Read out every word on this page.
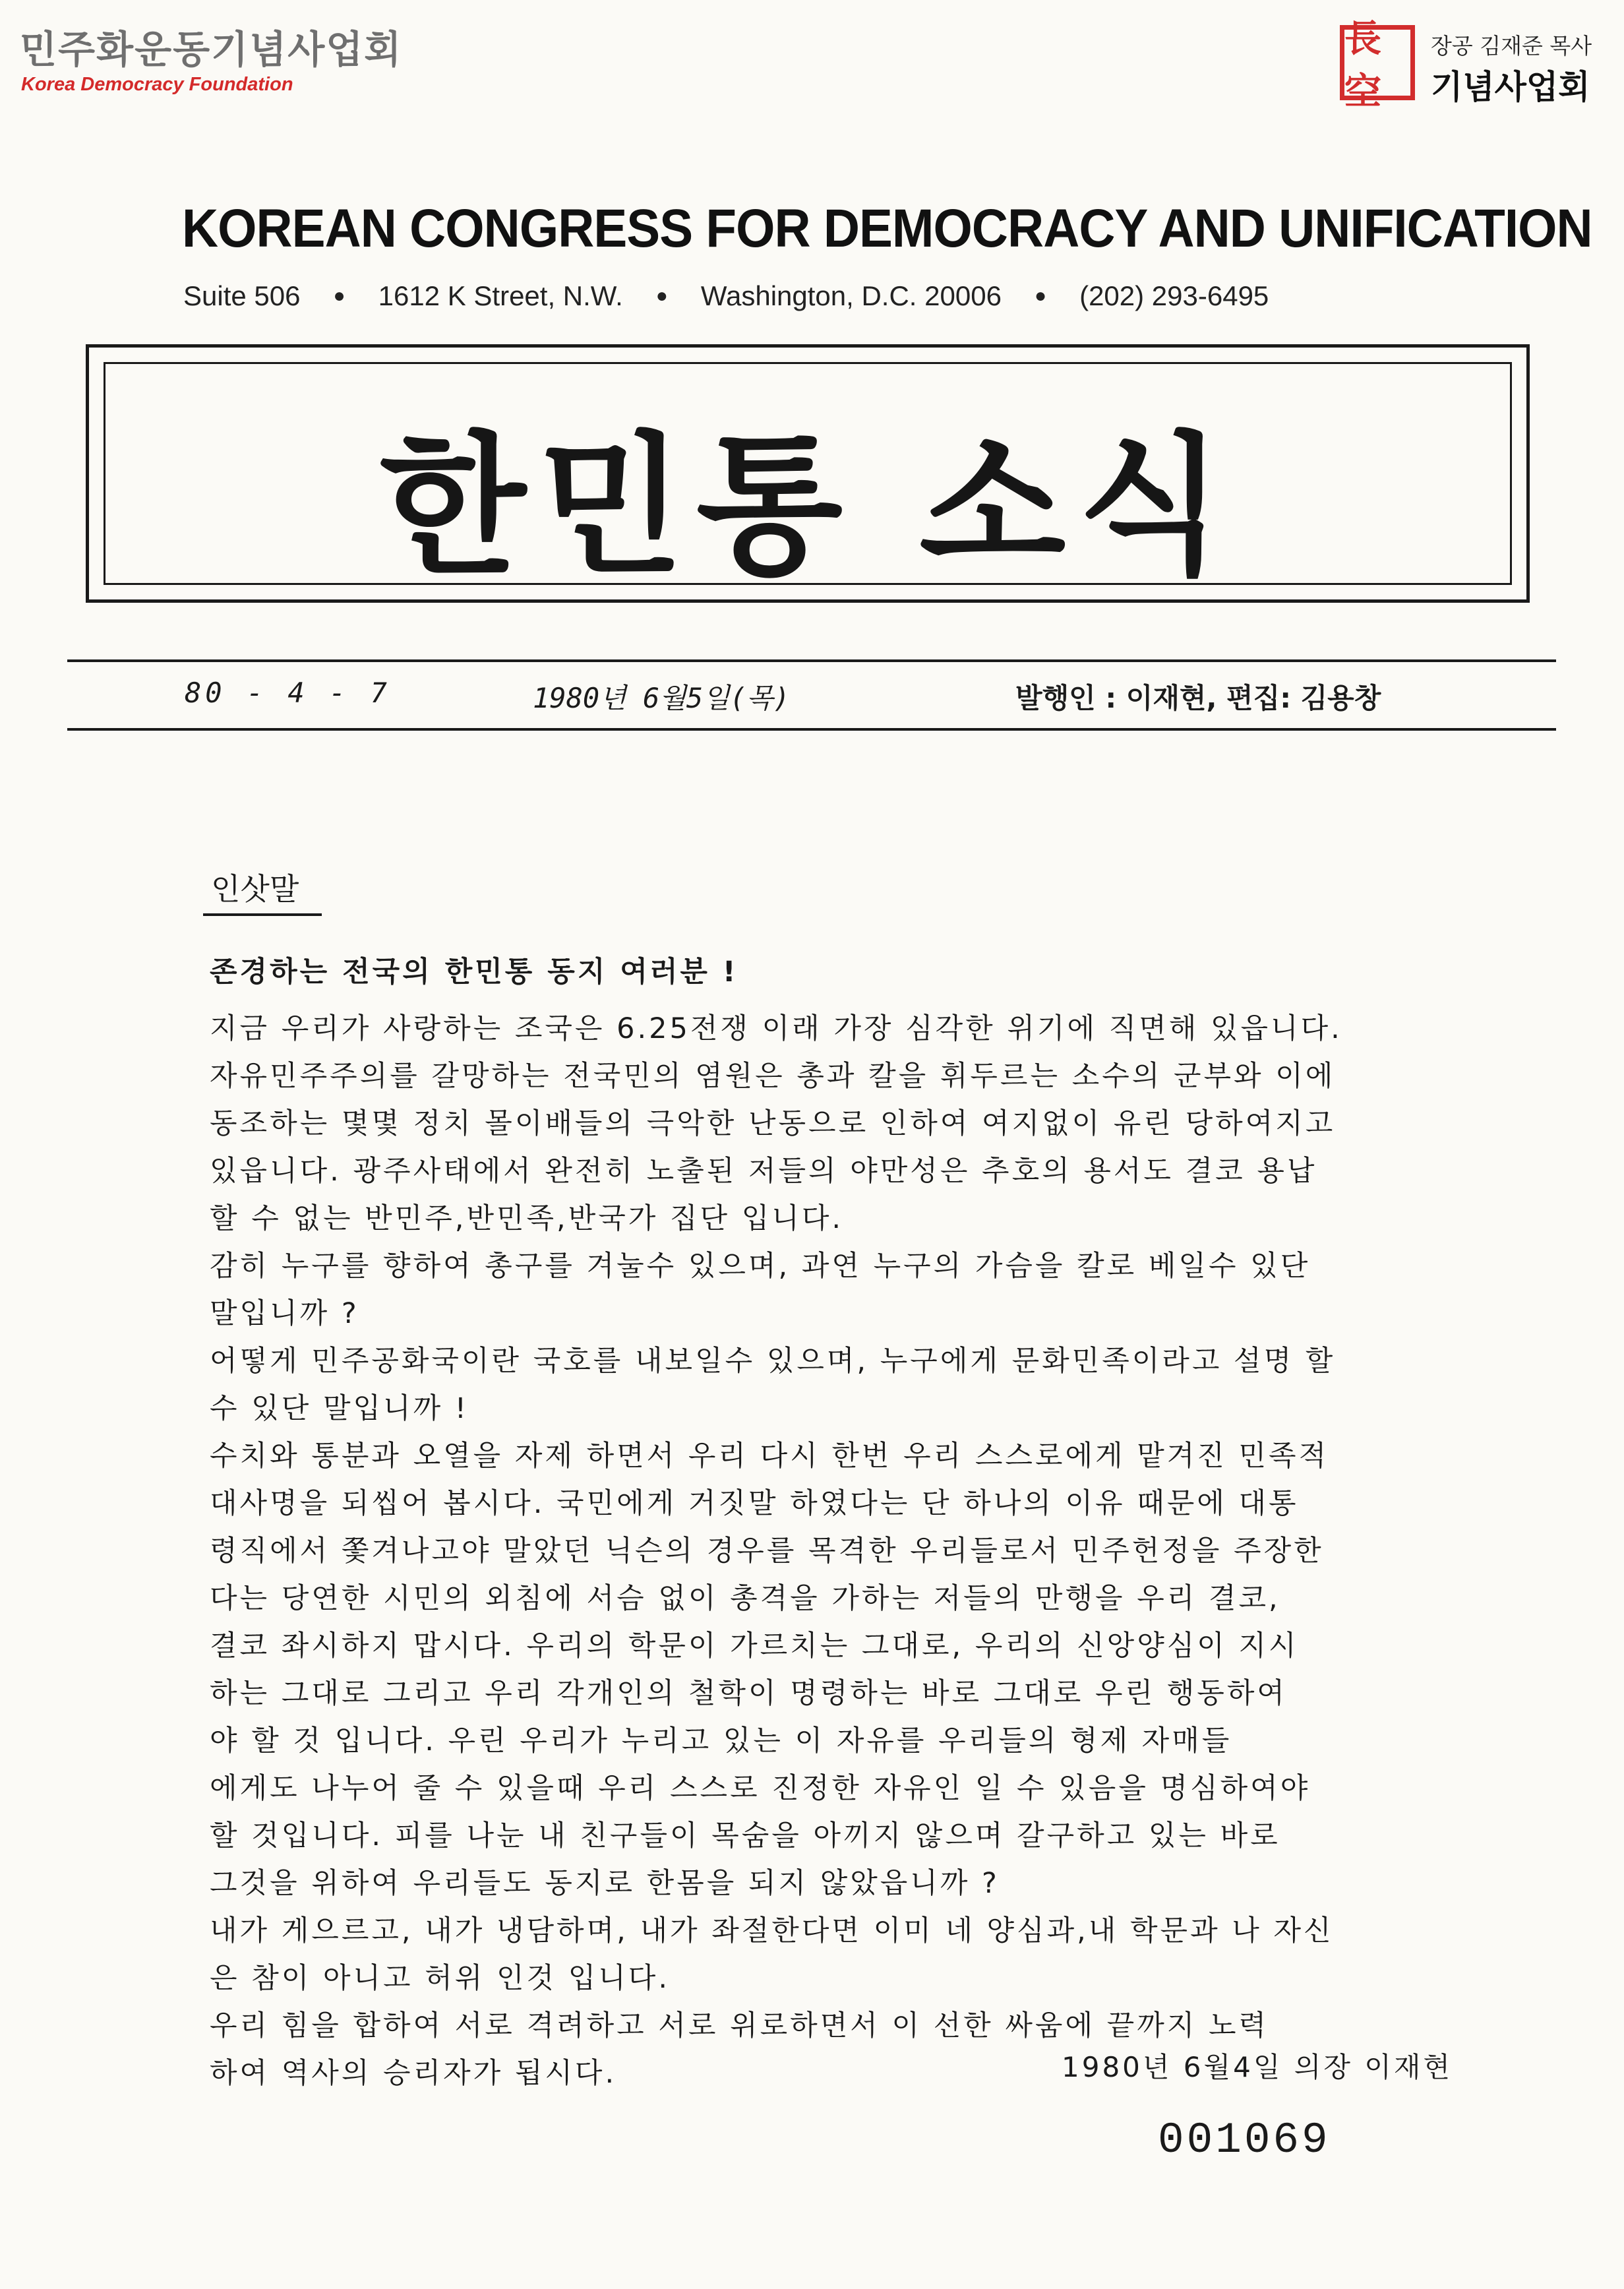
민주화운동기념사업회
Korea Democracy Foundation
長空
장공 김재준 목사
기념사업회
KOREAN CONGRESS FOR DEMOCRACY AND UNIFICATION
Suite 506 ● 1612 K Street, N.W. ● Washington, D.C. 20006 ● (202) 293-6495
한민통 소식
80 - 4 - 7	1980년 6월5일(목)	발행인 : 이재현, 편집: 김용창
인삿말
존경하는 전국의 한민통 동지 여러분 !
지금 우리가 사랑하는 조국은 6.25전쟁 이래 가장 심각한 위기에 직면해 있읍니다.
자유민주주의를 갈망하는 전국민의 염원은 총과 칼을 휘두르는 소수의 군부와 이에
동조하는 몇몇 정치 몰이배들의 극악한 난동으로 인하여 여지없이 유린 당하여지고
있읍니다. 광주사태에서 완전히 노출된 저들의 야만성은 추호의 용서도 결코 용납
할 수 없는 반민주,반민족,반국가 집단 입니다.
감히 누구를 향하여 총구를 겨눌수 있으며, 과연 누구의 가슴을 칼로 베일수 있단
말입니까 ?
어떻게 민주공화국이란 국호를 내보일수 있으며, 누구에게 문화민족이라고 설명 할
수 있단 말입니까 !
수치와 통분과 오열을 자제 하면서 우리 다시 한번 우리 스스로에게 맡겨진 민족적
대사명을 되씹어 봅시다. 국민에게 거짓말 하였다는 단 하나의 이유 때문에 대통
령직에서 쫓겨나고야 말았던 닉슨의 경우를 목격한 우리들로서 민주헌정을 주장한
다는 당연한 시민의 외침에 서슴 없이 총격을 가하는 저들의 만행을 우리 결코,
결코 좌시하지 맙시다. 우리의 학문이 가르치는 그대로, 우리의 신앙양심이 지시
하는 그대로 그리고 우리 각개인의 철학이 명령하는 바로 그대로 우린 행동하여
야 할 것 입니다. 우린 우리가 누리고 있는 이 자유를 우리들의 형제 자매들
에게도 나누어 줄 수 있을때 우리 스스로 진정한 자유인 일 수 있음을 명심하여야
할 것입니다. 피를 나눈 내 친구들이 목숨을 아끼지 않으며 갈구하고 있는 바로
그것을 위하여 우리들도 동지로 한몸을 되지 않았읍니까 ?
내가 게으르고, 내가 냉담하며, 내가 좌절한다면 이미 네 양심과,내 학문과 나 자신
은 참이 아니고 허위 인것 입니다.
우리 힘을 합하여 서로 격려하고 서로 위로하면서 이 선한 싸움에 끝까지 노력
하여 역사의 승리자가 됩시다.	1980년 6월4일 의장 이재현
001069
